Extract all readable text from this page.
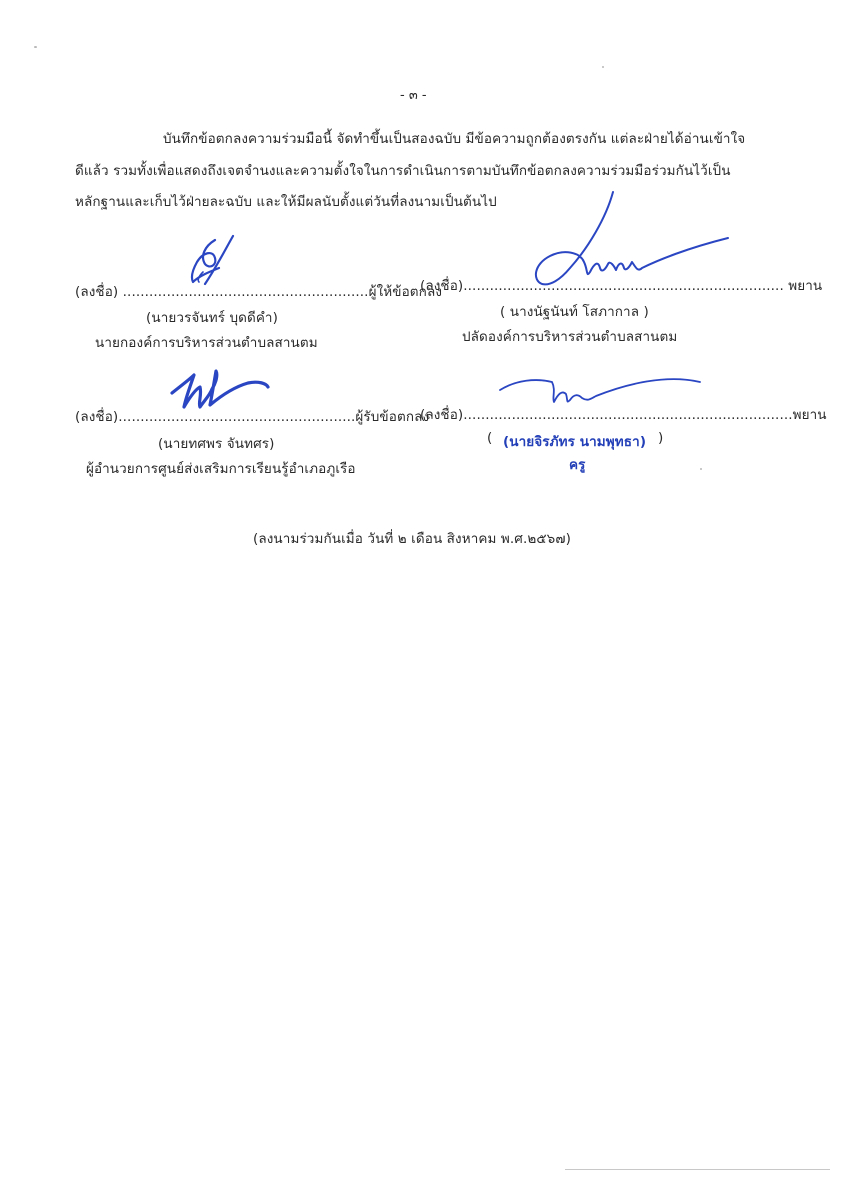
- ๓ -
บันทึกข้อตกลงความร่วมมือนี้ จัดทำขึ้นเป็นสองฉบับ มีข้อความถูกต้องตรงกัน แต่ละฝ่ายได้อ่านเข้าใจ
ดีแล้ว รวมทั้งเพื่อแสดงถึงเจตจำนงและความตั้งใจในการดำเนินการตามบันทึกข้อตกลงความร่วมมือร่วมกันไว้เป็น
หลักฐานและเก็บไว้ฝ่ายละฉบับ และให้มีผลนับตั้งแต่วันที่ลงนามเป็นต้นไป
(ลงชื่อ) ........................................................ผู้ให้ข้อตกลง
(นายวรจันทร์ บุดดีคำ)
นายกองค์การบริหารส่วนตำบลสานตม
(ลงชื่อ)......................................................................... พยาน
( นางนัฐนันท์ โสภากาล )
ปลัดองค์การบริหารส่วนตำบลสานตม
(ลงชื่อ)......................................................ผู้รับข้อตกลง
(นายทศพร จันทศร)
ผู้อำนวยการศูนย์ส่งเสริมการเรียนรู้อำเภอภูเรือ
(ลงชื่อ)...........................................................................พยาน
( (นายจิรภัทร นามพุทธา) )
ครู
(ลงนามร่วมกันเมื่อ วันที่ ๒ เดือน สิงหาคม พ.ศ.๒๕๖๗)
